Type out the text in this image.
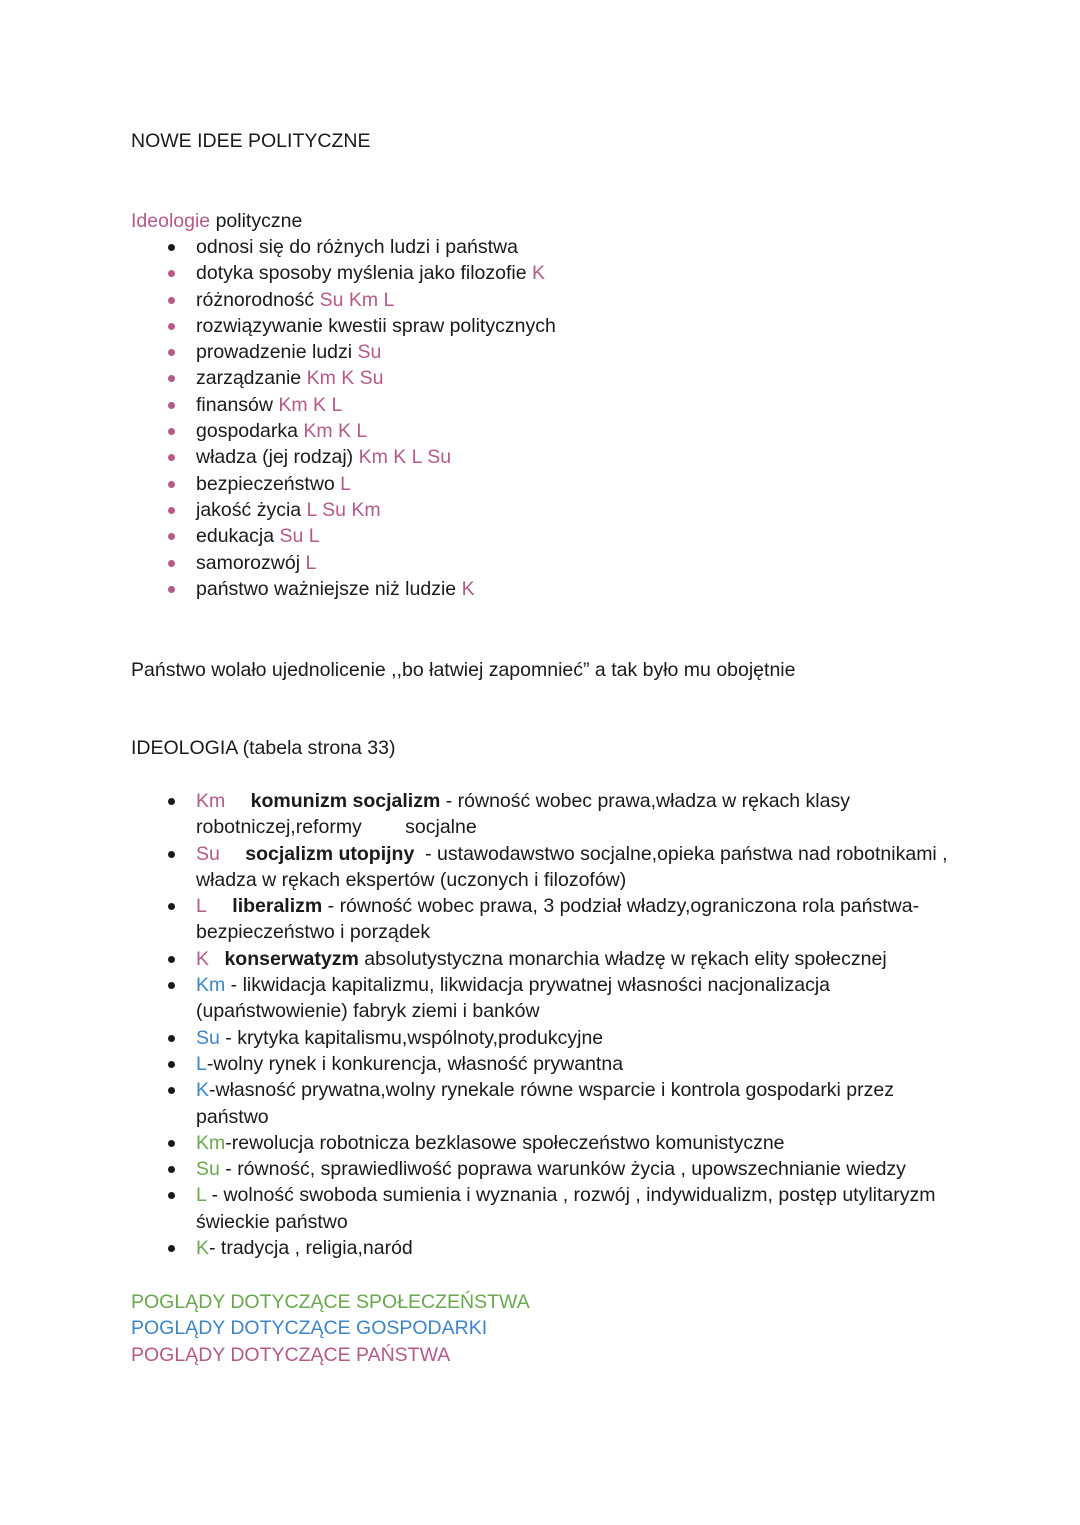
NOWE IDEE POLITYCZNE
Ideologie polityczne
odnosi się do różnych ludzi i państwa
dotyka sposoby myślenia jako filozofie K
różnorodność Su Km L
rozwiązywanie kwestii spraw politycznych
prowadzenie ludzi Su
zarządzanie Km K Su
finansów Km K L
gospodarka Km K L
władza (jej rodzaj) Km K L Su
bezpieczeństwo L
jakość życia L Su Km
edukacja Su L
samorozwój L
państwo ważniejsze niż ludzie K
Państwo wolało ujednolicenie ,,bo łatwiej zapomnieć” a tak było mu obojętnie
IDEOLOGIA (tabela strona 33)
Km komunizm socjalizm - równość wobec prawa,władza w rękach klasy robotniczej,reformy        socjalne
Su socjalizm utopijny  - ustawodawstwo socjalne,opieka państwa nad robotnikami , władza w rękach ekspertów (uczonych i filozofów)
L liberalizm - równość wobec prawa, 3 podział władzy,ograniczona rola państwa-bezpieczeństwo i porządek
K konserwatyzm absolutystyczna monarchia władzę w rękach elity społecznej
Km - likwidacja kapitalizmu, likwidacja prywatnej własności nacjonalizacja (upaństwowienie) fabryk ziemi i banków
Su - krytyka kapitalismu,wspólnoty,produkcyjne
L-wolny rynek i konkurencja, własność prywantna
K-własność prywatna,wolny rynekale równe wsparcie i kontrola gospodarki przez państwo
Km-rewolucja robotnicza bezklasowe społeczeństwo komunistyczne
Su - równość, sprawiedliwość poprawa warunków życia , upowszechnianie wiedzy
L - wolność swoboda sumienia i wyznania , rozwój , indywidualizm, postęp utylitaryzm świeckie państwo
K- tradycja , religia,naród
POGLĄDY DOTYCZĄCE SPOŁECZEŃSTWA
POGLĄDY DOTYCZĄCE GOSPODARKI
POGLĄDY DOTYCZĄCE PAŃSTWA
